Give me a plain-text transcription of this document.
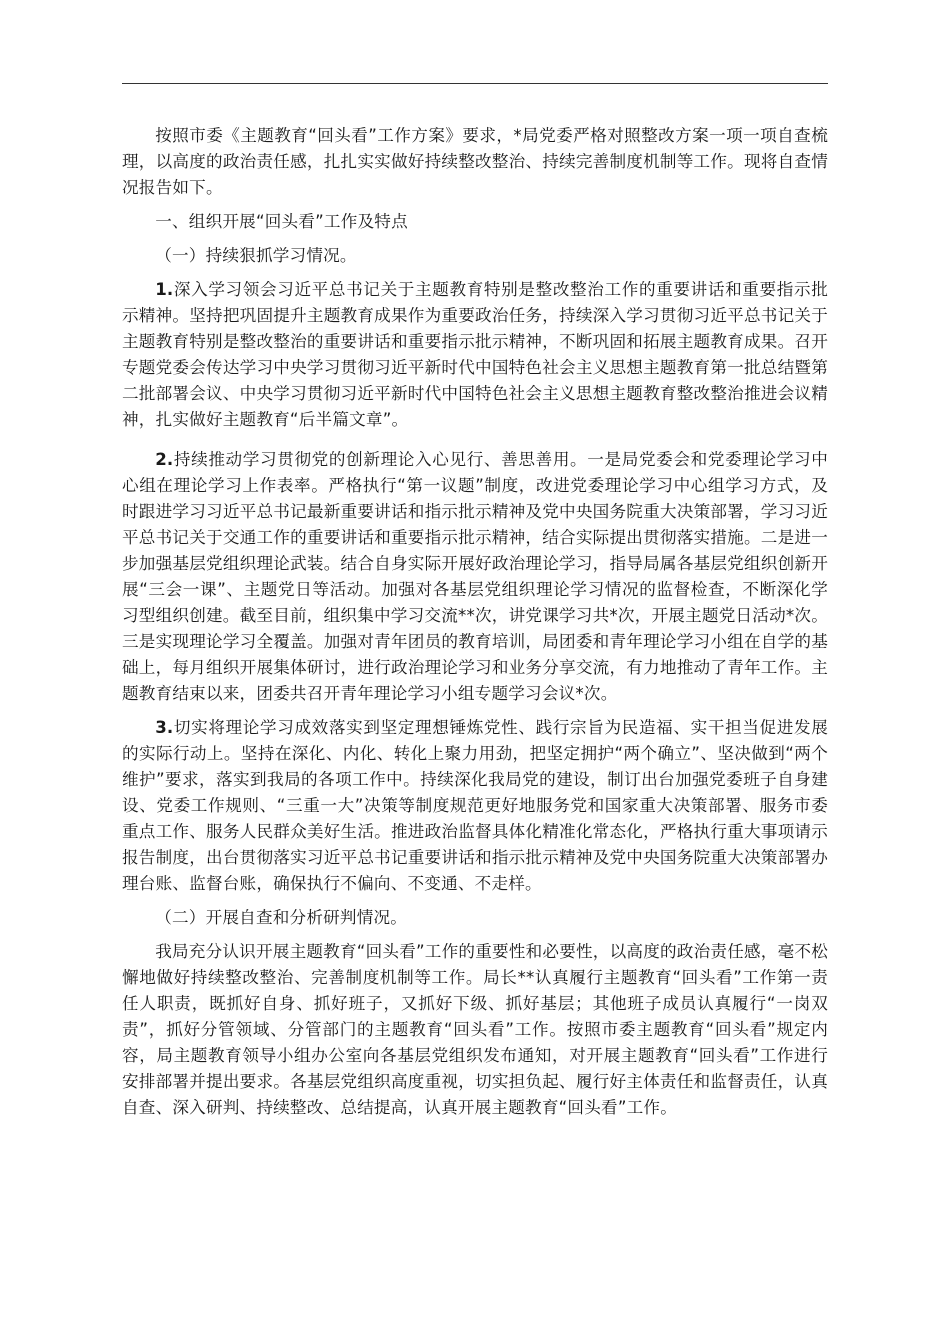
按照市委《主题教育“回头看”工作方案》要求，*局党委严格对照整改方案一项一项自查梳理，以高度的政治责任感，扎扎实实做好持续整改整治、持续完善制度机制等工作。现将自查情况报告如下。

一、组织开展“回头看”工作及特点

（一）持续狠抓学习情况。

1.深入学习领会习近平总书记关于主题教育特别是整改整治工作的重要讲话和重要指示批示精神。坚持把巩固提升主题教育成果作为重要政治任务，持续深入学习贯彻习近平总书记关于主题教育特别是整改整治的重要讲话和重要指示批示精神，不断巩固和拓展主题教育成果。召开专题党委会传达学习中央学习贯彻习近平新时代中国特色社会主义思想主题教育第一批总结暨第二批部署会议、中央学习贯彻习近平新时代中国特色社会主义思想主题教育整改整治推进会议精神，扎实做好主题教育“后半篇文章”。

2.持续推动学习贯彻党的创新理论入心见行、善思善用。一是局党委会和党委理论学习中心组在理论学习上作表率。严格执行“第一议题”制度，改进党委理论学习中心组学习方式，及时跟进学习习近平总书记最新重要讲话和指示批示精神及党中央国务院重大决策部署，学习习近平总书记关于交通工作的重要讲话和重要指示批示精神，结合实际提出贯彻落实措施。二是进一步加强基层党组织理论武装。结合自身实际开展好政治理论学习，指导局属各基层党组织创新开展“三会一课”、主题党日等活动。加强对各基层党组织理论学习情况的监督检查，不断深化学习型组织创建。截至目前，组织集中学习交流**次，讲党课学习共*次，开展主题党日活动*次。三是实现理论学习全覆盖。加强对青年团员的教育培训，局团委和青年理论学习小组在自学的基础上，每月组织开展集体研讨，进行政治理论学习和业务分享交流，有力地推动了青年工作。主题教育结束以来，团委共召开青年理论学习小组专题学习会议*次。

3.切实将理论学习成效落实到坚定理想锤炼党性、践行宗旨为民造福、实干担当促进发展的实际行动上。坚持在深化、内化、转化上聚力用劲，把坚定拥护“两个确立”、坚决做到“两个维护”要求，落实到我局的各项工作中。持续深化我局党的建设，制订出台加强党委班子自身建设、党委工作规则、“三重一大”决策等制度规范更好地服务党和国家重大决策部署、服务市委重点工作、服务人民群众美好生活。推进政治监督具体化精准化常态化，严格执行重大事项请示报告制度，出台贯彻落实习近平总书记重要讲话和指示批示精神及党中央国务院重大决策部署办理台账、监督台账，确保执行不偏向、不变通、不走样。

（二）开展自查和分析研判情况。

我局充分认识开展主题教育“回头看”工作的重要性和必要性，以高度的政治责任感，毫不松懈地做好持续整改整治、完善制度机制等工作。局长**认真履行主题教育“回头看”工作第一责任人职责，既抓好自身、抓好班子，又抓好下级、抓好基层；其他班子成员认真履行“一岗双责”，抓好分管领域、分管部门的主题教育“回头看”工作。按照市委主题教育“回头看”规定内容，局主题教育领导小组办公室向各基层党组织发布通知，对开展主题教育“回头看”工作进行安排部署并提出要求。各基层党组织高度重视，切实担负起、履行好主体责任和监督责任，认真自查、深入研判、持续整改、总结提高，认真开展主题教育“回头看”工作。
